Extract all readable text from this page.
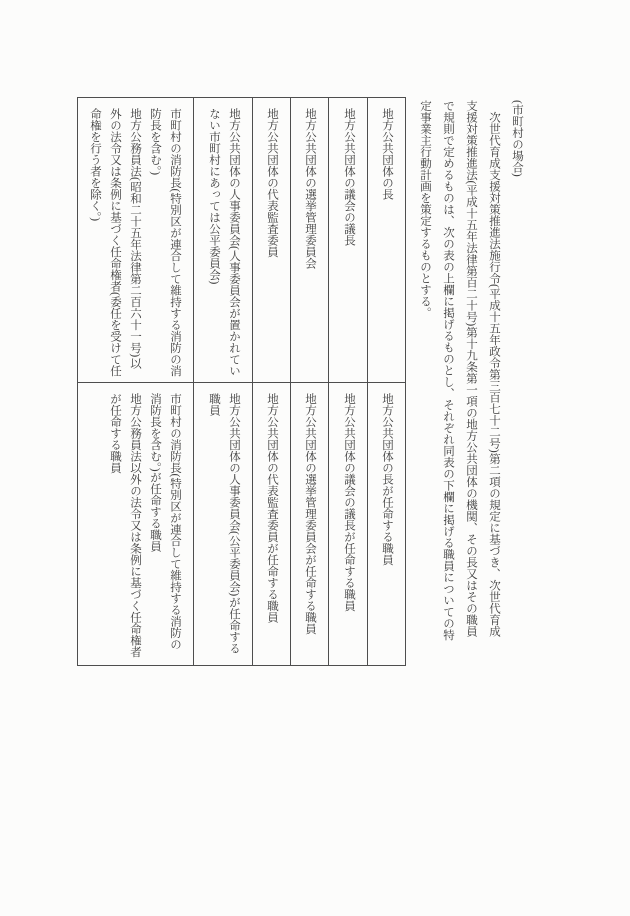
(市町村の場合)
　次世代育成支援対策推進法施行令(平成十五年政令第三百七十二号)第二項の規定に基づき、次世代育成
支援対策推進法(平成十五年法律第百二十号)第十九条第一項の地方公共団体の機関、その長又はその職員
で規則で定めるものは、次の表の上欄に掲げるものとし、それぞれ同表の下欄に掲げる職員についての特
定事業主行動計画を策定するものとする。

地方公共団体の長

地方公共団体の長が任命する職員

地方公共団体の議会の議長

地方公共団体の議会の議長が任命する職員

地方公共団体の選挙管理委員会

地方公共団体の選挙管理委員会が任命する職員

地方公共団体の代表監査委員

地方公共団体の代表監査委員が任命する職員

地方公共団体の人事委員会(人事委員会が置かれていない市町村にあっては公平委員会)

地方公共団体の人事委員会(公平委員会)が任命する職員

市町村の消防長(特別区が連合して維持する消防の消防長を含む。)

地方公務員法(昭和二十五年法律第二百六十一号)以外の法令又は条例に基づく任命権者(委任を受けて任命権を行う者を除く。)

市町村の消防長(特別区が連合して維持する消防の消防長を含む。)が任命する職員

地方公務員法以外の法令又は条例に基づく任命権者が任命する職員
